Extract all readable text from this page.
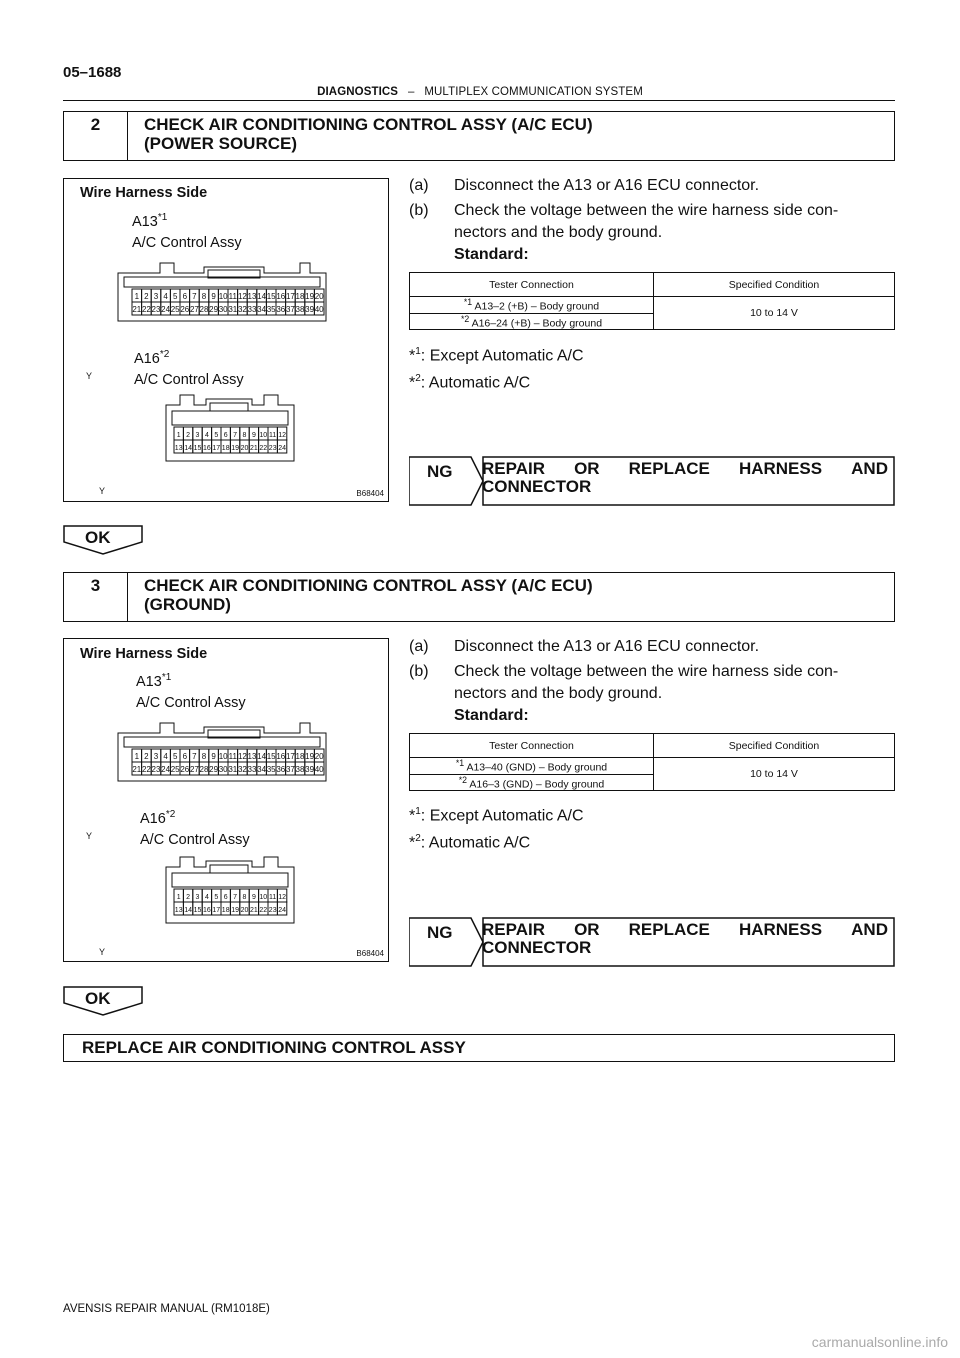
05–1688
DIAGNOSTICS – MULTIPLEX COMMUNICATION SYSTEM
2	CHECK AIR CONDITIONING CONTROL ASSY (A/C ECU)
(POWER SOURCE)
Wire Harness Side
A13$^{*1}$
A/C Control Assy
1 2 3 4 5 6 7 8 9 10 11 12 13 14 15 16 17 18 19 20
21 22 23 24 25 26 27 28 29 30 31 32 33 34 35 36 37 38 39 40
A16$^{*2}$
A/C Control Assy
Y
1 2 3 4 5 6 7 8 9 10 11 12
13 14 15 16 17 18 19 20 21 22 23 24
Y	B68404
(a)	Disconnect the A13 or A16 ECU connector.
(b)	Check the voltage between the wire harness side con-
nectors and the body ground.
Standard:
Tester Connection	Specified Condition
$^{*1}$ A13–2 (+B) – Body ground	10 to 14 V
$^{*2}$ A16–24 (+B) – Body ground	
*$^1$: Except Automatic A/C
*$^2$: Automatic A/C
NG REPAIR OR REPLACE HARNESS AND
CONNECTOR
OK
3	CHECK AIR CONDITIONING CONTROL ASSY (A/C ECU)
(GROUND)
Wire Harness Side
A13$^{*1}$
A/C Control Assy
1 2 3 4 5 6 7 8 9 10 11 12 13 14 15 16 17 18 19 20
21 22 23 24 25 26 27 28 29 30 31 32 33 34 35 36 37 38 39 40
A16$^{*2}$
A/C Control Assy
Y
1 2 3 4 5 6 7 8 9 10 11 12
13 14 15 16 17 18 19 20 21 22 23 24
Y	B68404
(a)	Disconnect the A13 or A16 ECU connector.
(b)	Check the voltage between the wire harness side con-
nectors and the body ground.
Standard:
Tester Connection	Specified Condition
$^{*1}$ A13–40 (GND) – Body ground	10 to 14 V
$^{*2}$ A16–3 (GND) – Body ground	
*$^1$: Except Automatic A/C
*$^2$: Automatic A/C
NG REPAIR OR REPLACE HARNESS AND
CONNECTOR
OK
REPLACE AIR CONDITIONING CONTROL ASSY
AVENSIS REPAIR MANUAL (RM1018E)
carmanualsonline.info
